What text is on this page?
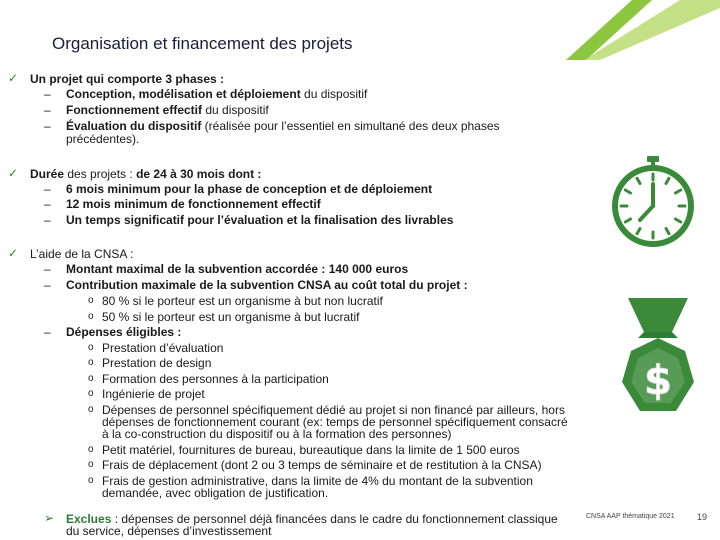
Organisation et financement des projets
✓ Un projet qui comporte 3 phases :
– Conception, modélisation et déploiement du dispositif
– Fonctionnement effectif du dispositif
– Évaluation du dispositif (réalisée pour l’essentiel en simultané des deux phases
précédentes).
✓ Durée des projets : de 24 à 30 mois dont :
– 6 mois minimum pour la phase de conception et de déploiement
– 12 mois minimum de fonctionnement effectif
– Un temps significatif pour l’évaluation et la finalisation des livrables
✓ L’aide de la CNSA :
– Montant maximal de la subvention accordée : 140 000 euros
– Contribution maximale de la subvention CNSA au coût total du projet :
o 80 % si le porteur est un organisme à but non lucratif
o 50 % si le porteur est un organisme à but lucratif
– Dépenses éligibles :
o Prestation d’évaluation
o Prestation de design
o Formation des personnes à la participation
o Ingénierie de projet
o Dépenses de personnel spécifiquement dédié au projet si non financé par ailleurs, hors
dépenses de fonctionnement courant (ex: temps de personnel spécifiquement consacré
à la co-construction du dispositif ou à la formation des personnes)
o Petit matériel, fournitures de bureau, bureautique dans la limite de 1 500 euros
o Frais de déplacement (dont 2 ou 3 temps de séminaire et de restitution à la CNSA)
o Frais de gestion administrative, dans la limite de 4% du montant de la subvention
demandée, avec obligation de justification.
➢ Exclues : dépenses de personnel déjà financées dans le cadre du fonctionnement classique
du service, dépenses d’investissement
$
CNSA AAP thématique 2021 19
